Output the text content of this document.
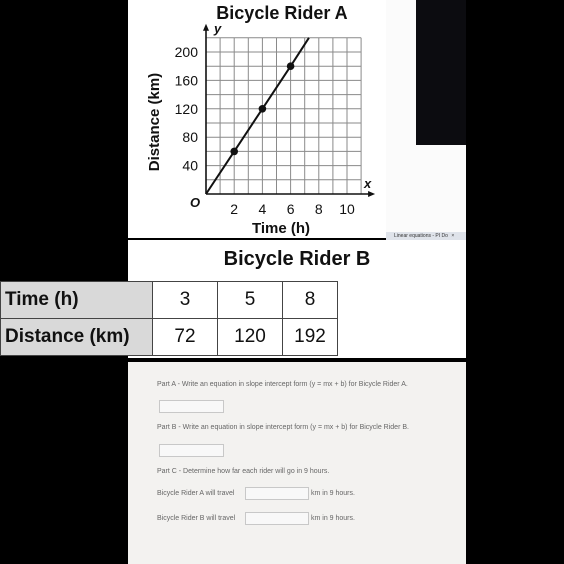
Bicycle Rider A
Distance (km)
Time (h)
y
x
O 2 4 6 8 10
40
80
120
160
200
Linear equations - PI Do ×
Bicycle Rider B
Time (h)	3	5	8
Distance (km)	72	120	192
Part A - Write an equation in slope intercept form (y = mx + b) for Bicycle Rider A.
Part B - Write an equation in slope intercept form (y = mx + b) for Bicycle Rider B.
Part C - Determine how far each rider will go in 9 hours.
Bicycle Rider A will travel	km in 9 hours.
Bicycle Rider B will travel	km in 9 hours.
